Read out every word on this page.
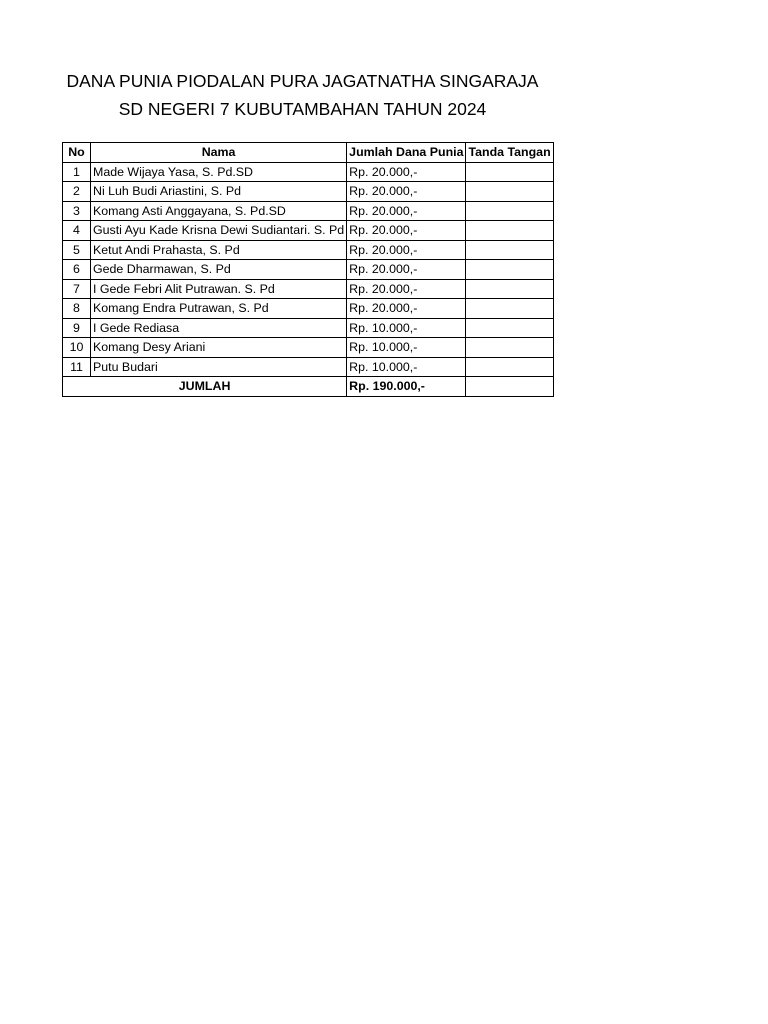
DANA PUNIA PIODALAN PURA JAGATNATHA SINGARAJA
SD NEGERI 7 KUBUTAMBAHAN TAHUN 2024
No	Nama	Jumlah Dana Punia	Tanda Tangan
1	Made Wijaya Yasa, S. Pd.SD	Rp. 20.000,-	
2	Ni Luh Budi Ariastini, S. Pd	Rp. 20.000,-	
3	Komang Asti Anggayana, S. Pd.SD	Rp. 20.000,-	
4	Gusti Ayu Kade Krisna Dewi Sudiantari. S. Pd	Rp. 20.000,-	
5	Ketut Andi Prahasta, S. Pd	Rp. 20.000,-	
6	Gede Dharmawan, S. Pd	Rp. 20.000,-	
7	I Gede Febri Alit Putrawan. S. Pd	Rp. 20.000,-	
8	Komang Endra Putrawan, S. Pd	Rp. 20.000,-	
9	I Gede Rediasa	Rp. 10.000,-	
10	Komang Desy Ariani	Rp. 10.000,-	
11	Putu Budari	Rp. 10.000,-	
JUMLAH		Rp. 190.000,-	
